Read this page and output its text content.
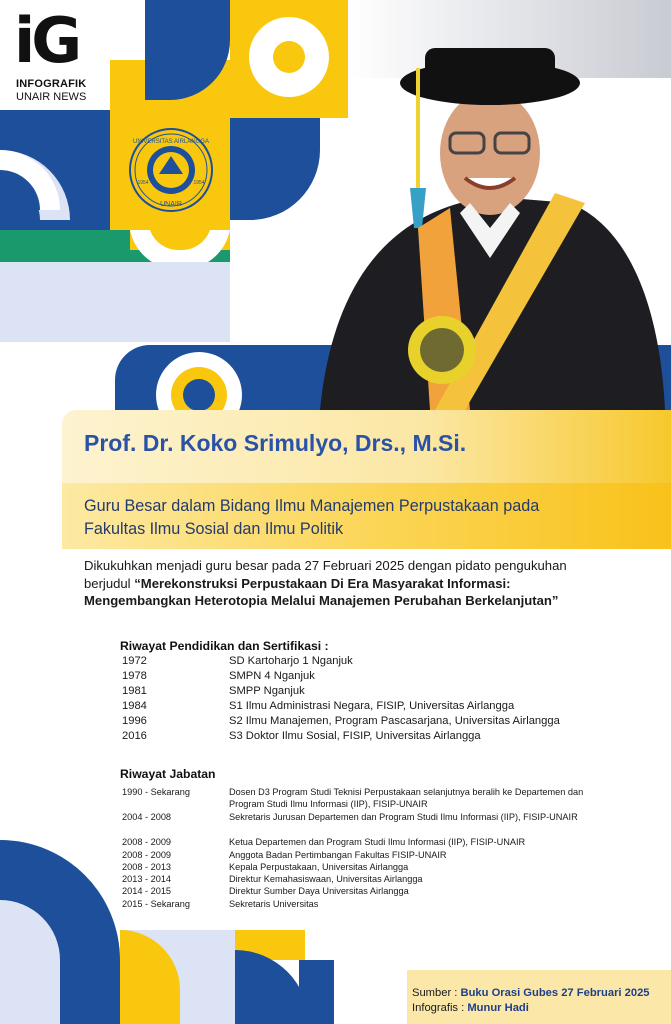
iG
INFOGRAFIK
UNAIR NEWS
UNIVERSITAS AIRLANGGA
UNAIR
1954	1954
Prof. Dr. Koko Srimulyo, Drs., M.Si.
Guru Besar dalam Bidang Ilmu Manajemen Perpustakaan pada
Fakultas Ilmu Sosial dan Ilmu Politik
Dikukuhkan menjadi guru besar pada 27 Februari 2025 dengan pidato pengukuhan
berjudul “Merekonstruksi Perpustakaan Di Era Masyarakat Informasi:
Mengembangkan Heterotopia Melalui Manajemen Perubahan Berkelanjutan”
Riwayat Pendidikan dan Sertifikasi :
1972	SD Kartoharjo 1 Nganjuk
1978	SMPN 4 Nganjuk
1981	SMPP Nganjuk
1984	S1 Ilmu Administrasi Negara, FISIP, Universitas Airlangga
1996	S2 Ilmu Manajemen, Program Pascasarjana, Universitas Airlangga
2016	S3 Doktor Ilmu Sosial, FISIP, Universitas Airlangga
Riwayat Jabatan
1990 - Sekarang	Dosen D3 Program Studi Teknisi Perpustakaan selanjutnya beralih ke Departemen dan Program Studi Ilmu Informasi (IIP), FISIP-UNAIR
2004 - 2008	Sekretaris Jurusan Departemen dan Program Studi Ilmu Informasi (IIP), FISIP-UNAIR
2008 - 2009	Ketua Departemen dan Program Studi Ilmu Informasi (IIP), FISIP-UNAIR
2008 - 2009	Anggota Badan Pertimbangan Fakultas FISIP-UNAIR
2008 - 2013	Kepala Perpustakaan, Universitas Airlangga
2013 - 2014	Direktur Kemahasiswaan, Universitas Airlangga
2014 - 2015	Direktur Sumber Daya Universitas Airlangga
2015 - Sekarang	Sekretaris Universitas
Sumber : Buku Orasi Gubes 27 Februari 2025
Infografis : Munur Hadi
